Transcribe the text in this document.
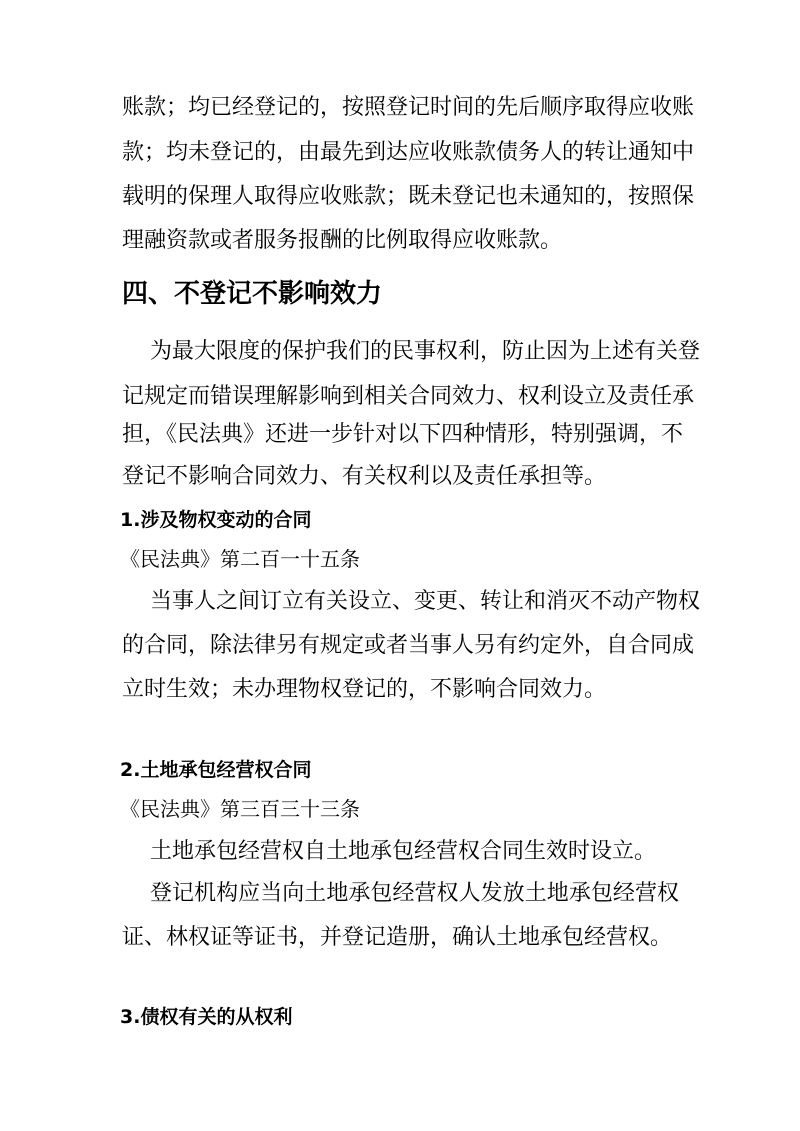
账款；均已经登记的，按照登记时间的先后顺序取得应收账
款；均未登记的，由最先到达应收账款债务人的转让通知中
载明的保理人取得应收账款；既未登记也未通知的，按照保
理融资款或者服务报酬的比例取得应收账款。
四、不登记不影响效力
为最大限度的保护我们的民事权利，防止因为上述有关登
记规定而错误理解影响到相关合同效力、权利设立及责任承
担，《民法典》还进一步针对以下四种情形，特别强调，不
登记不影响合同效力、有关权利以及责任承担等。
1.涉及物权变动的合同
《民法典》第二百一十五条
当事人之间订立有关设立、变更、转让和消灭不动产物权
的合同，除法律另有规定或者当事人另有约定外，自合同成
立时生效；未办理物权登记的，不影响合同效力。
2.土地承包经营权合同
《民法典》第三百三十三条
土地承包经营权自土地承包经营权合同生效时设立。
登记机构应当向土地承包经营权人发放土地承包经营权
证、林权证等证书，并登记造册，确认土地承包经营权。
3.债权有关的从权利
